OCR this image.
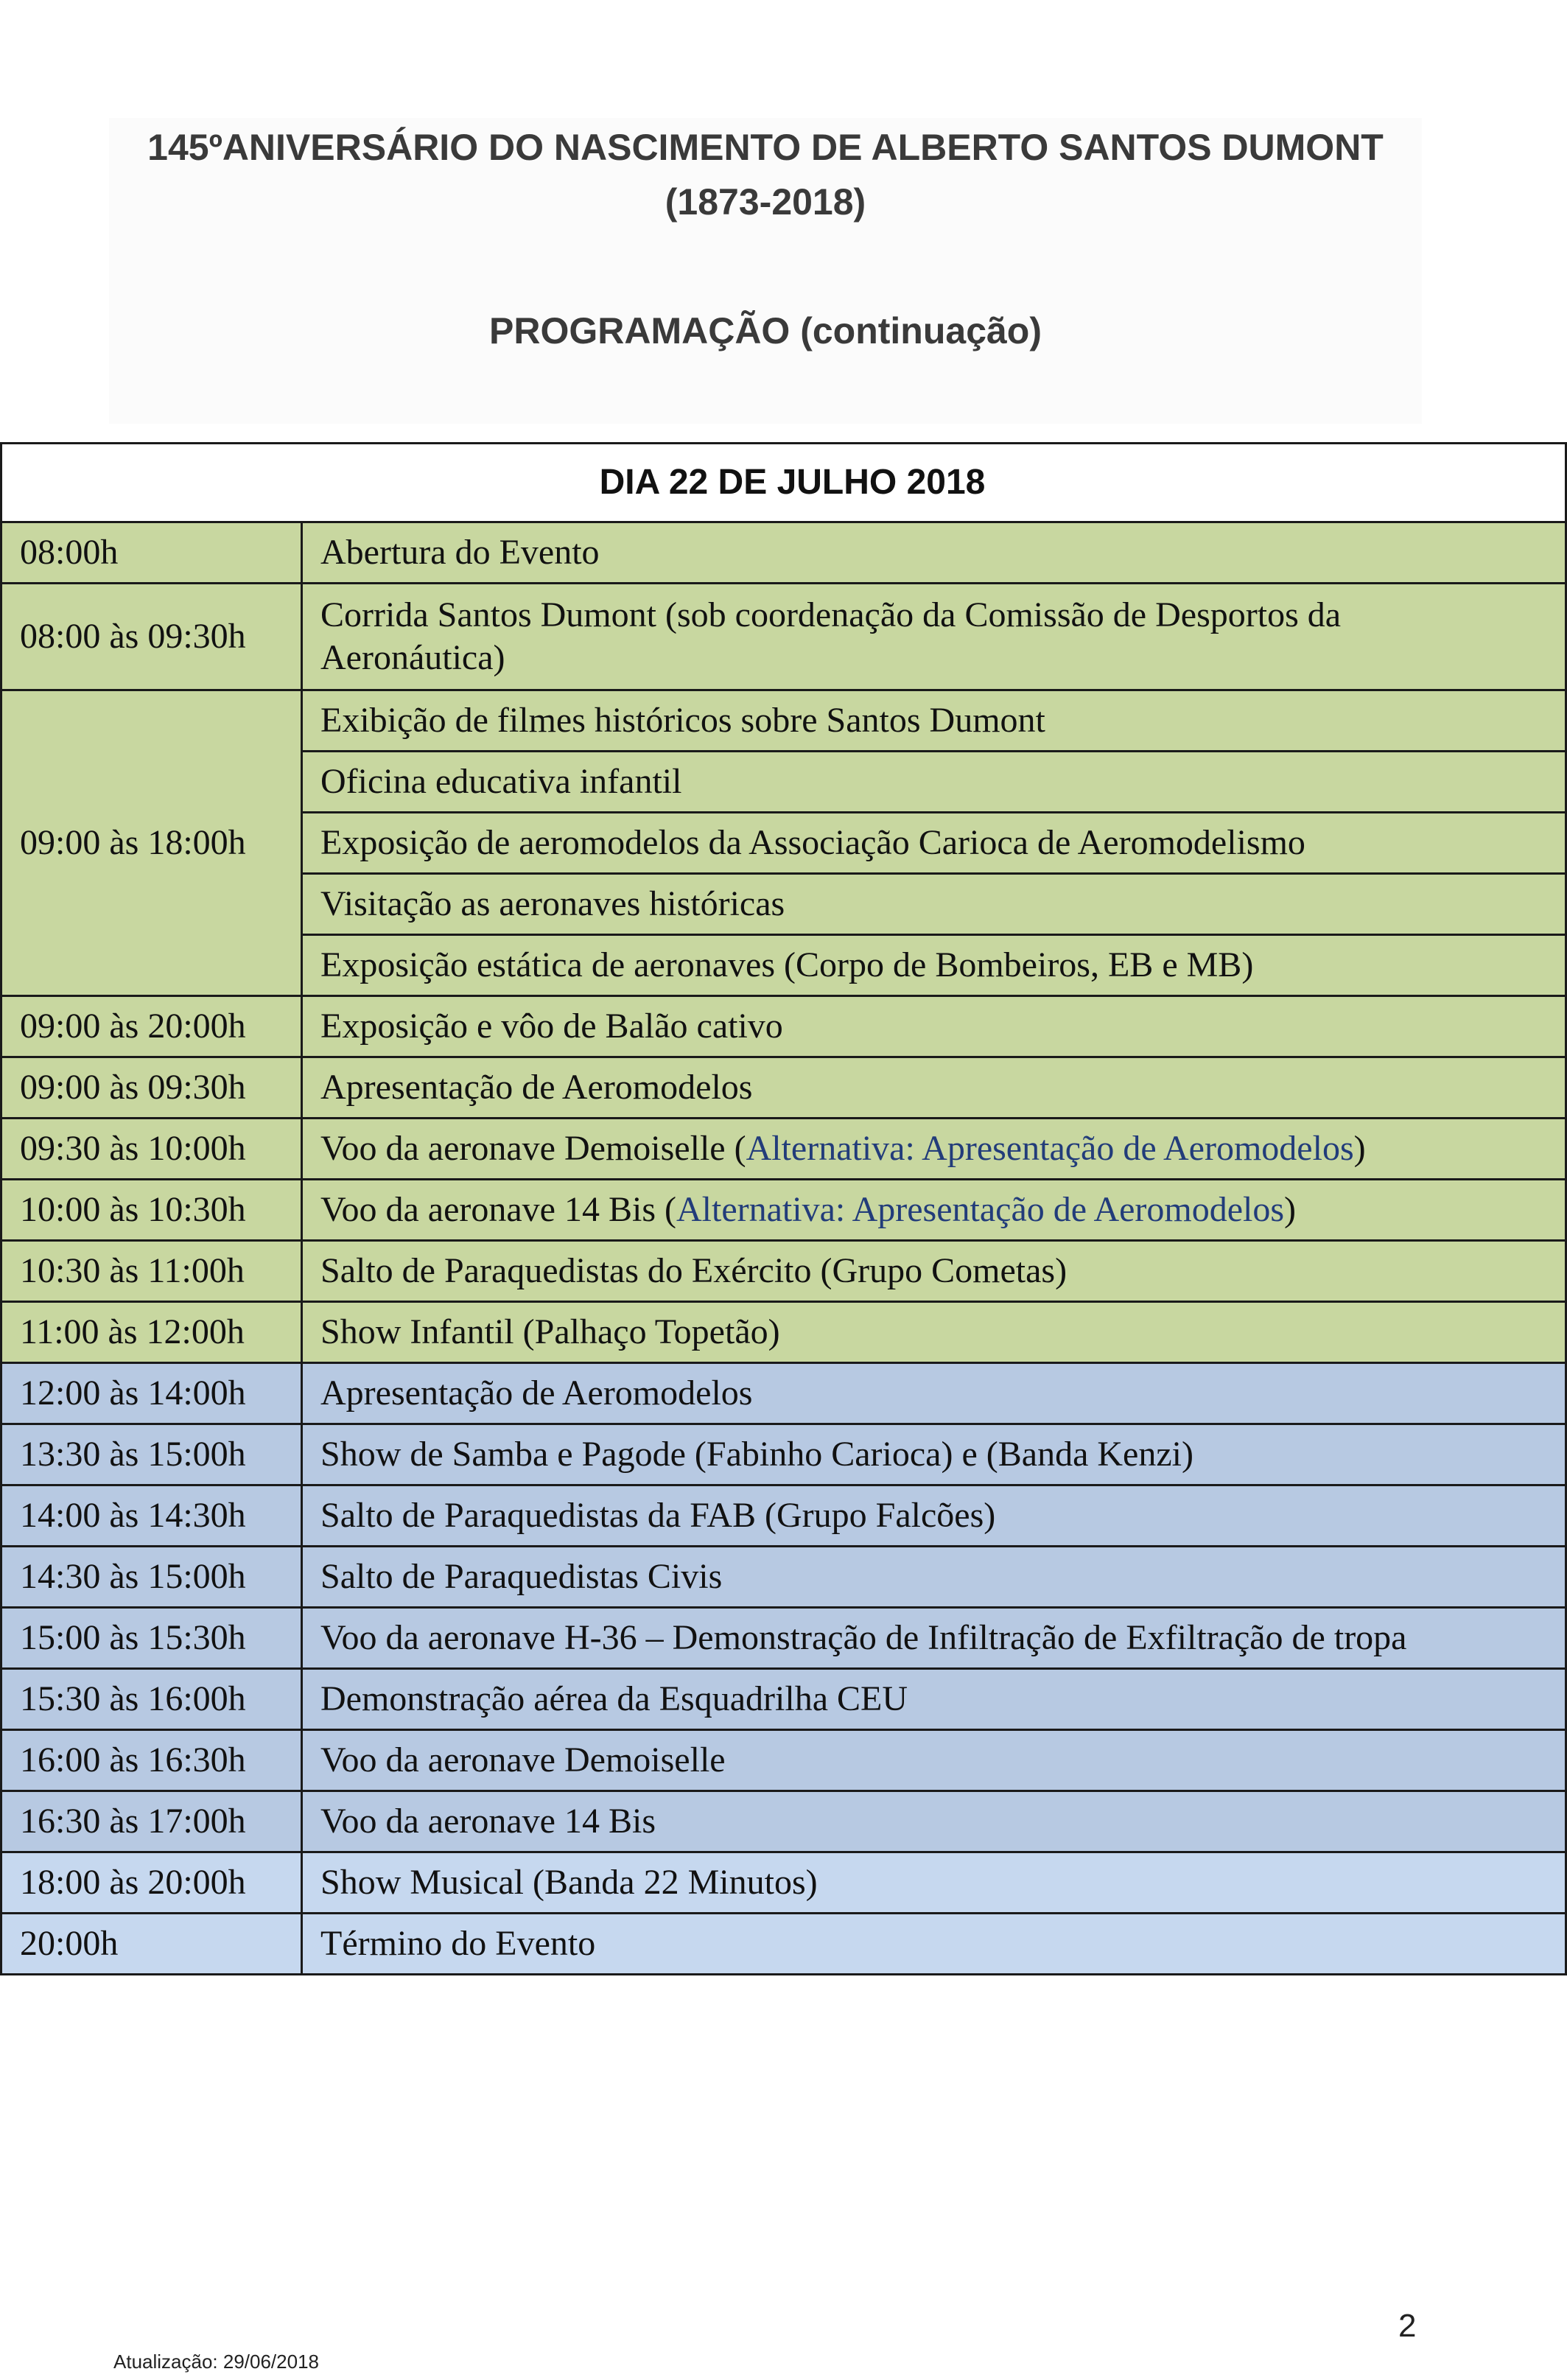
145ºANIVERSÁRIO DO NASCIMENTO DE ALBERTO SANTOS DUMONT (1873-2018)
PROGRAMAÇÃO (continuação)
DIA 22 DE JULHO 2018	
08:00h	Abertura do Evento
08:00 às 09:30h	Corrida Santos Dumont (sob coordenação da Comissão de Desportos da Aeronáutica)
09:00 às 18:00h	Exibição de filmes históricos sobre Santos Dumont
	Oficina educativa infantil
	Exposição de aeromodelos da Associação Carioca de Aeromodelismo
	Visitação as aeronaves históricas
	Exposição estática de aeronaves (Corpo de Bombeiros, EB e MB)
09:00 às 20:00h	Exposição e vôo de Balão cativo
09:00 às 09:30h	Apresentação de Aeromodelos
09:30 às 10:00h	Voo da aeronave Demoiselle (Alternativa: Apresentação de Aeromodelos)
10:00 às 10:30h	Voo da aeronave 14 Bis (Alternativa: Apresentação de Aeromodelos)
10:30 às 11:00h	Salto de Paraquedistas do Exército (Grupo Cometas)
11:00 às 12:00h	Show Infantil (Palhaço Topetão)
12:00 às 14:00h	Apresentação de Aeromodelos
13:30 às 15:00h	Show de Samba e Pagode (Fabinho Carioca) e (Banda Kenzi)
14:00 às 14:30h	Salto de Paraquedistas da FAB (Grupo Falcões)
14:30 às 15:00h	Salto de Paraquedistas Civis
15:00 às 15:30h	Voo da aeronave H-36 – Demonstração de Infiltração de Exfiltração de tropa
15:30 às 16:00h	Demonstração aérea da Esquadrilha CEU
16:00 às 16:30h	Voo da aeronave Demoiselle
16:30 às 17:00h	Voo da aeronave 14 Bis
18:00 às 20:00h	Show Musical (Banda 22 Minutos)
20:00h	Término do Evento
2
Atualização: 29/06/2018
